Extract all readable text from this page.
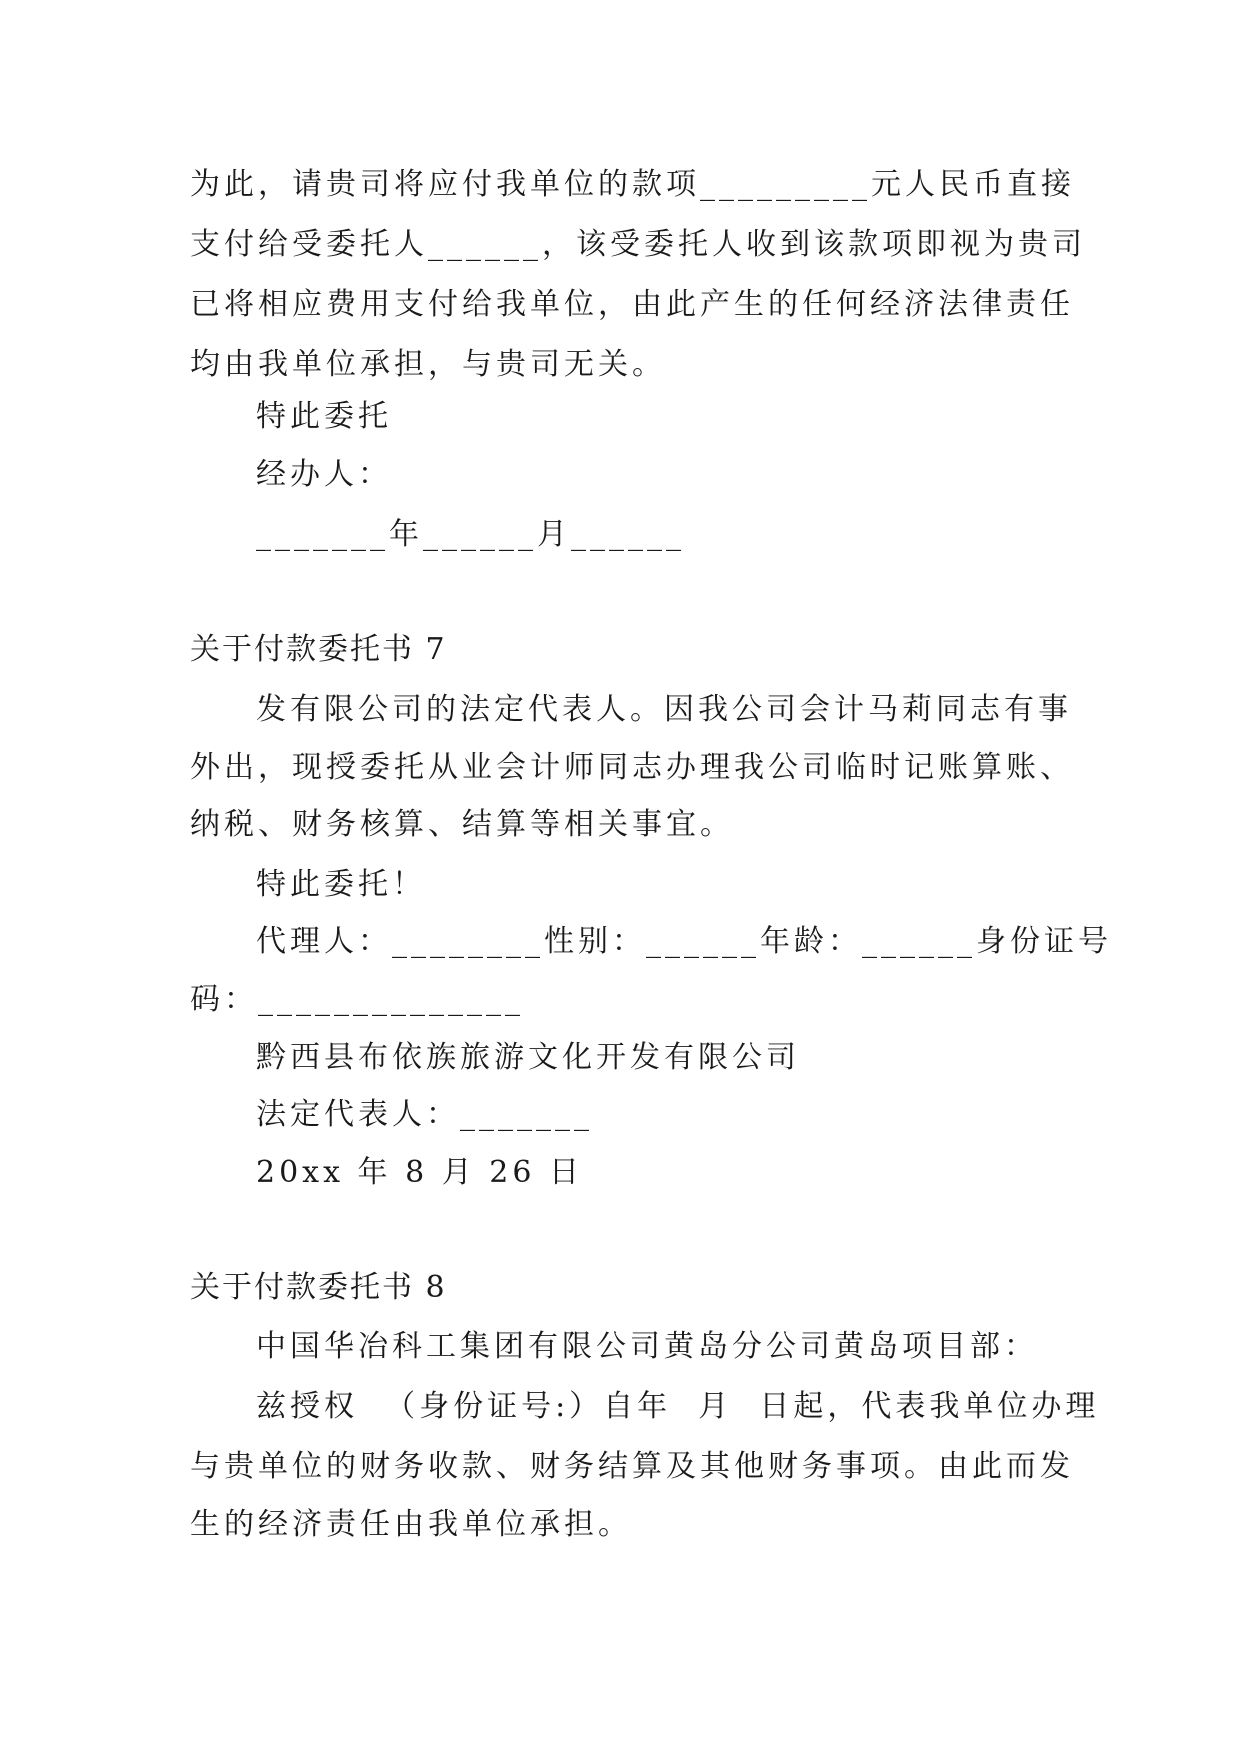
为此，请贵司将应付我单位的款项_________元人民币直接
支付给受委托人______，该受委托人收到该款项即视为贵司
已将相应费用支付给我单位，由此产生的任何经济法律责任
均由我单位承担，与贵司无关。
特此委托
经办人：
_______年______月______
关于付款委托书 7
发有限公司的法定代表人。因我公司会计马莉同志有事
外出，现授委托从业会计师同志办理我公司临时记账算账、
纳税、财务核算、结算等相关事宜。
特此委托！
代理人：________性别：______年龄：______身份证号
码：______________
黔西县布依族旅游文化开发有限公司
法定代表人：_______
20xx 年 8 月 26 日
关于付款委托书 8
中国华冶科工集团有限公司黄岛分公司黄岛项目部：
兹授权  （身份证号:）自年  月  日起，代表我单位办理
与贵单位的财务收款、财务结算及其他财务事项。由此而发
生的经济责任由我单位承担。
